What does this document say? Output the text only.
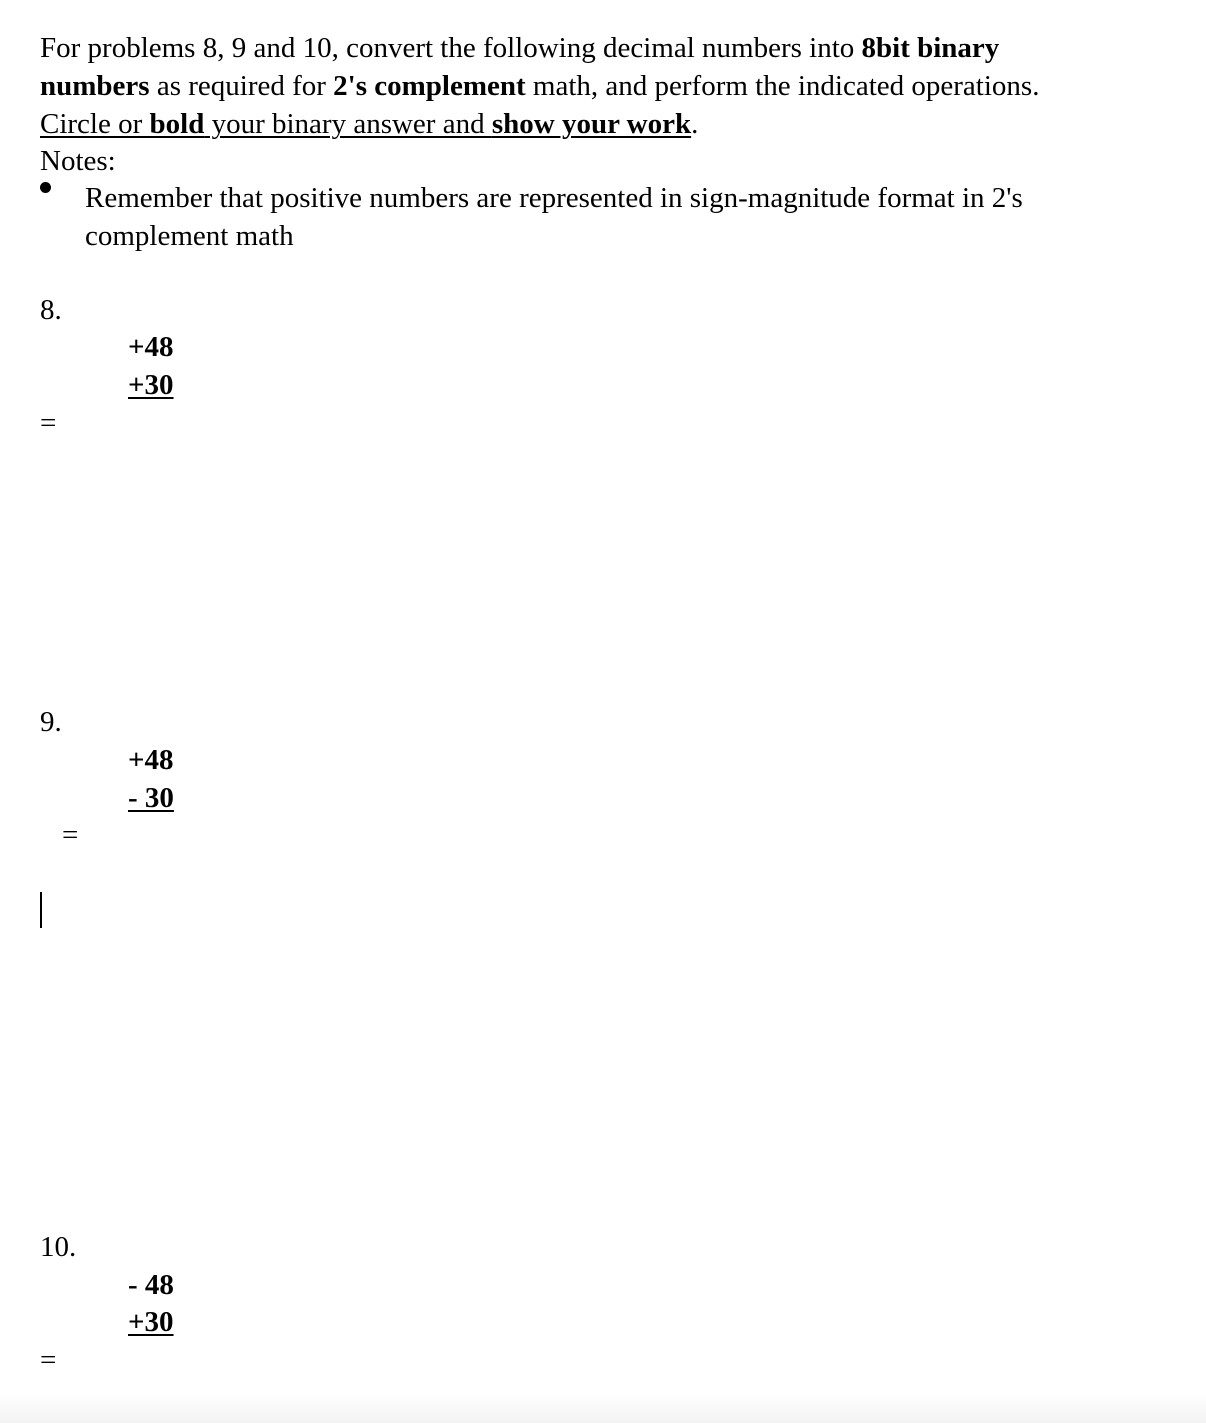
For problems 8, 9 and 10, convert the following decimal numbers into 8bit binary
numbers as required for 2's complement math, and perform the indicated operations.
Circle or bold your binary answer and show your work.
Notes:
Remember that positive numbers are represented in sign-magnitude format in 2's complement math
8.
+48
+30
=
9.
+48
- 30
=
10.
- 48
+30
=
